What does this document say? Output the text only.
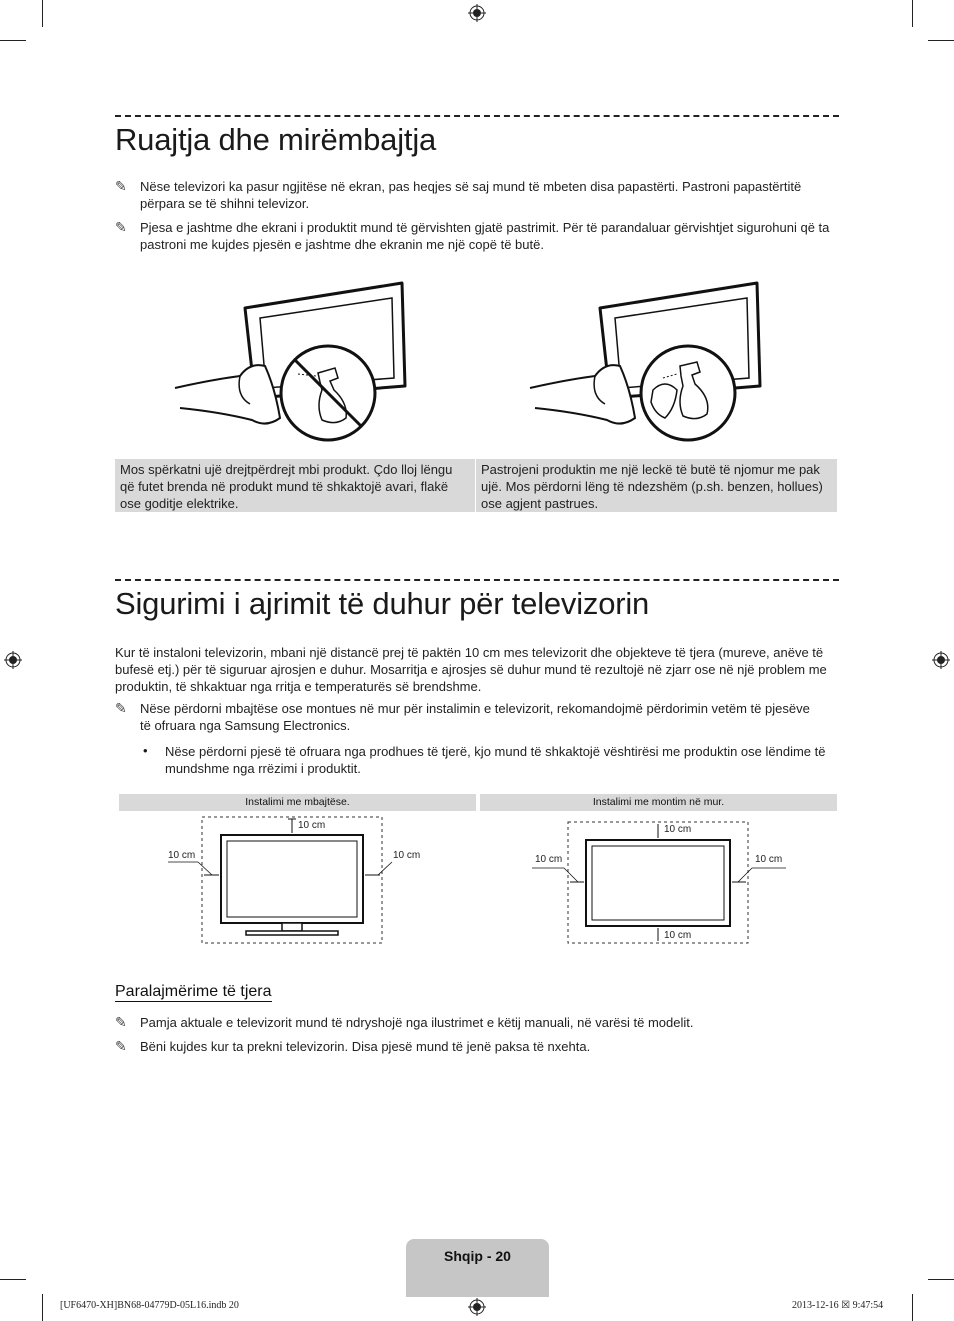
Ruajtja dhe mirëmbajtja
✎ Nëse televizori ka pasur ngjitëse në ekran, pas heqjes së saj mund të mbeten disa papastërti. Pastroni papastërtitë përpara se të shihni televizor.
✎ Pjesa e jashtme dhe ekrani i produktit mund të gërvishten gjatë pastrimit. Për të parandaluar gërvishtjet sigurohuni që ta pastroni me kujdes pjesën e jashtme dhe ekranin me një copë të butë.
Mos spërkatni ujë drejtpërdrejt mbi produkt. Çdo lloj lëngu që futet brenda në produkt mund të shkaktojë avari, flakë ose goditje elektrike.
Pastrojeni produktin me një leckë të butë të njomur me pak ujë. Mos përdorni lëng të ndezshëm (p.sh. benzen, hollues) ose agjent pastrues.
Sigurimi i ajrimit të duhur për televizorin
Kur të instaloni televizorin, mbani një distancë prej të paktën 10 cm mes televizorit dhe objekteve të tjera (mureve, anëve të bufesë etj.) për të siguruar ajrosjen e duhur. Mosarritja e ajrosjes së duhur mund të rezultojë në zjarr ose në një problem me produktin, të shkaktuar nga rritja e temperaturës së brendshme.
✎ Nëse përdorni mbajtëse ose montues në mur për instalimin e televizorit, rekomandojmë përdorimin vetëm të pjesëve të ofruara nga Samsung Electronics.
• Nëse përdorni pjesë të ofruara nga prodhues të tjerë, kjo mund të shkaktojë vështirësi me produktin ose lëndime të mundshme nga rrëzimi i produktit.
Instalimi me mbajtëse.	Instalimi me montim në mur.
10 cm
10 cm	10 cm
10 cm
10 cm	10 cm
10 cm
Paralajmërime të tjera
✎ Pamja aktuale e televizorit mund të ndryshojë nga ilustrimet e këtij manuali, në varësi të modelit.
✎ Bëni kujdes kur ta prekni televizorin. Disa pjesë mund të jenë paksa të nxehta.
Shqip - 20
[UF6470-XH]BN68-04779D-05L16.indb 20	2013-12-16 ☒ 9:47:54
